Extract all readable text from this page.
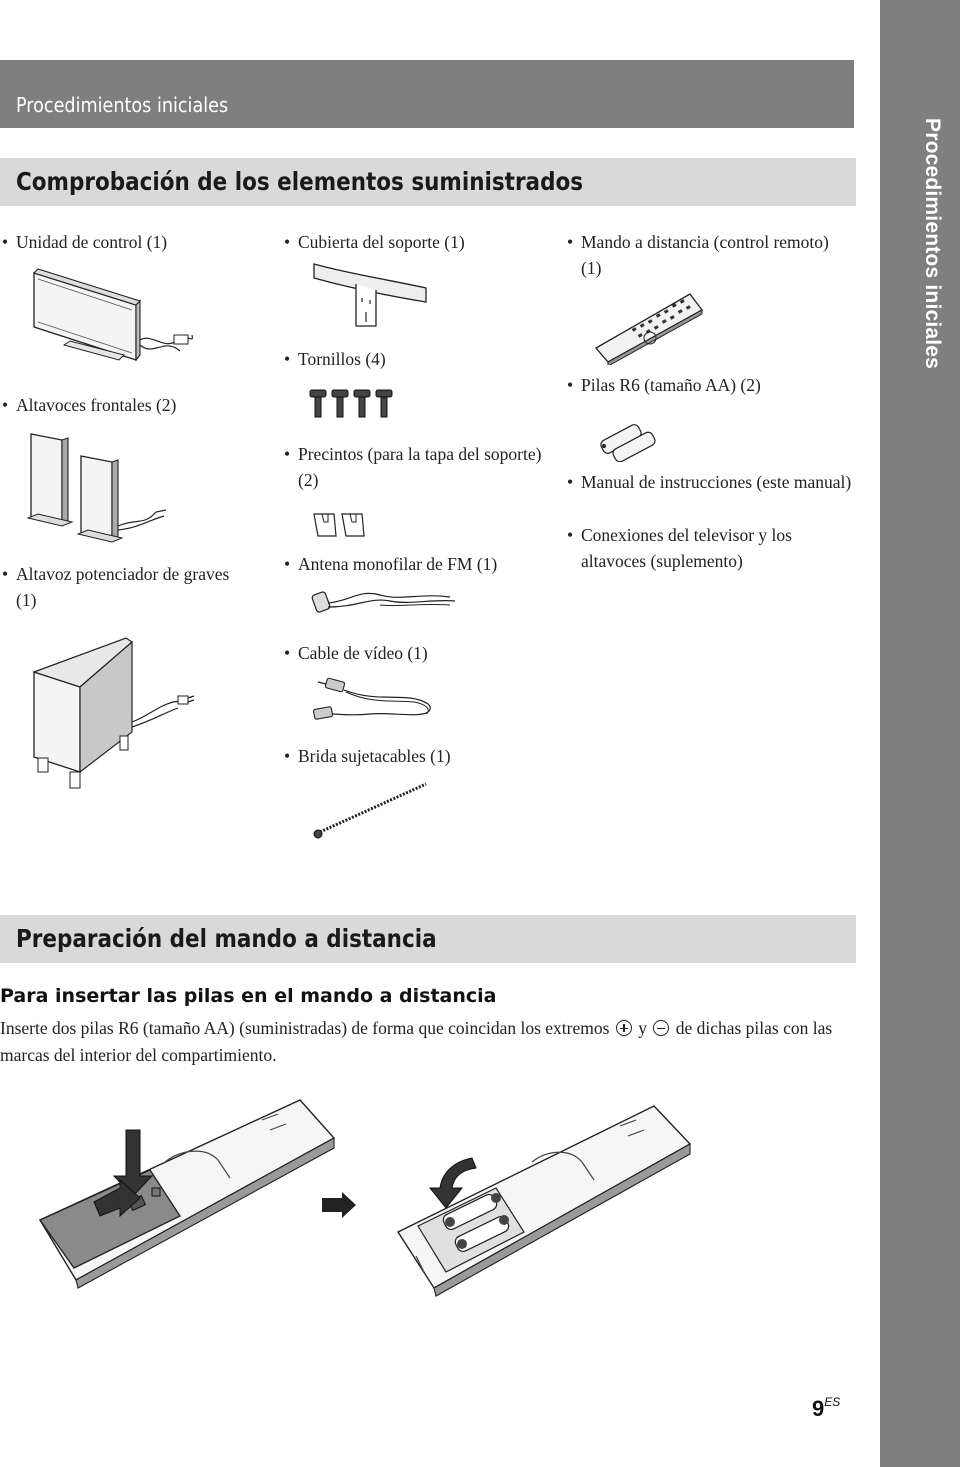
Procedimientos iniciales
Procedimientos iniciales
Comprobación de los elementos suministrados
• Unidad de control (1)
• Altavoces frontales (2)
• Altavoz potenciador de graves (1)
• Cubierta del soporte (1)
• Tornillos (4)
• Precintos (para la tapa del soporte) (2)
• Antena monofilar de FM (1)
• Cable de vídeo (1)
• Brida sujetacables (1)
• Mando a distancia (control remoto) (1)
• Pilas R6 (tamaño AA) (2)
• Manual de instrucciones (este manual)
• Conexiones del televisor y los altavoces (suplemento)
Preparación del mando a distancia
Para insertar las pilas en el mando a distancia
Inserte dos pilas R6 (tamaño AA) (suministradas) de forma que coincidan los extremos y de dichas pilas con las marcas del interior del compartimiento.
$9^{ES}$
